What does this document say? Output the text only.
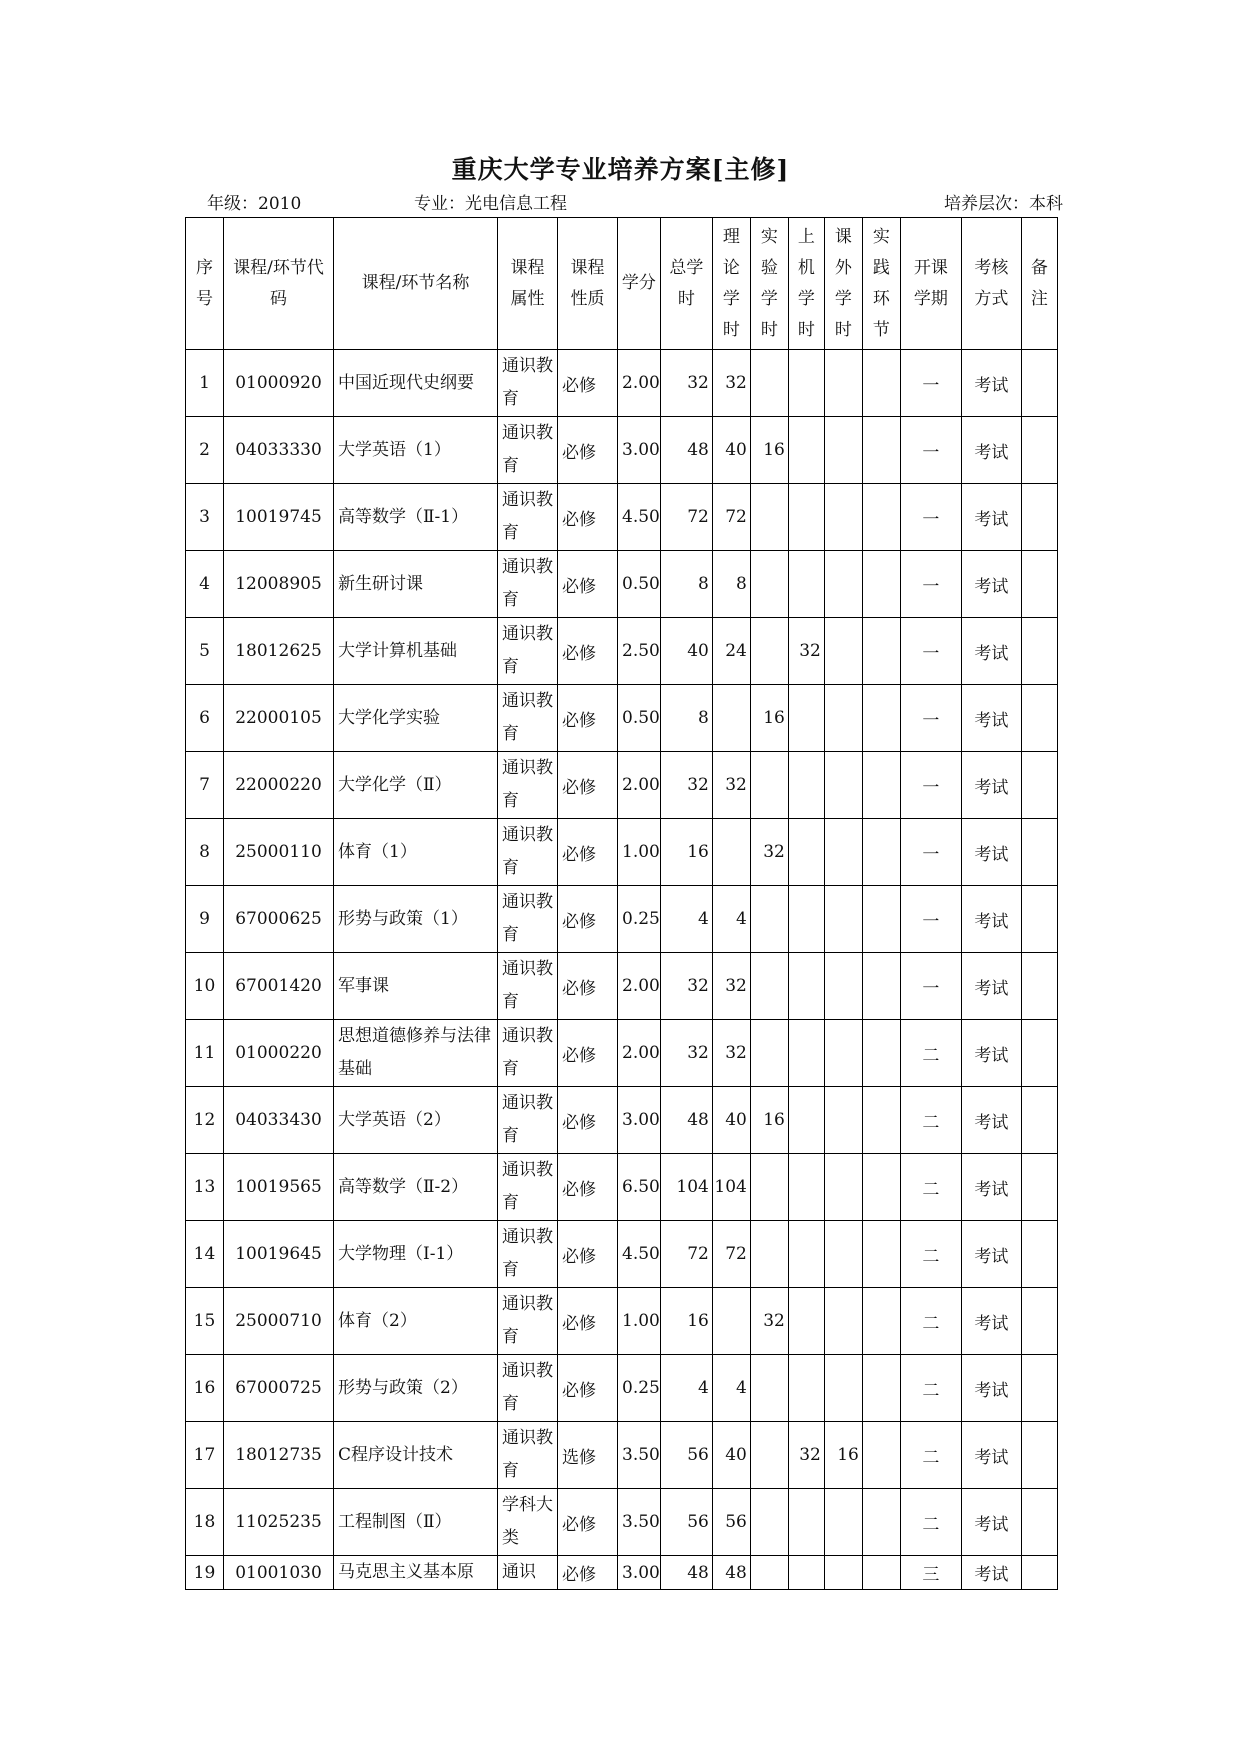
重庆大学专业培养方案[主修]
年级：2010	专业：光电信息工程	培养层次：本科
序号	课程/环节代码	课程/环节名称	课程属性	课程性质	学分	总学时	理论学时	实验学时	上机学时	课外学时	实践环节	开课学期	考核方式	备注
1	01000920	中国近现代史纲要	通识教育	必修	2.00	32	32					一	考试	
2	04033330	大学英语（1）	通识教育	必修	3.00	48	40	16				一	考试	
3	10019745	高等数学（Ⅱ-1）	通识教育	必修	4.50	72	72					一	考试	
4	12008905	新生研讨课	通识教育	必修	0.50	8	8					一	考试	
5	18012625	大学计算机基础	通识教育	必修	2.50	40	24		32			一	考试	
6	22000105	大学化学实验	通识教育	必修	0.50	8		16				一	考试	
7	22000220	大学化学（Ⅱ）	通识教育	必修	2.00	32	32					一	考试	
8	25000110	体育（1）	通识教育	必修	1.00	16		32				一	考试	
9	67000625	形势与政策（1）	通识教育	必修	0.25	4	4					一	考试	
10	67001420	军事课	通识教育	必修	2.00	32	32					一	考试	
11	01000220	思想道德修养与法律基础	通识教育	必修	2.00	32	32					二	考试	
12	04033430	大学英语（2）	通识教育	必修	3.00	48	40	16				二	考试	
13	10019565	高等数学（Ⅱ-2）	通识教育	必修	6.50	104	104					二	考试	
14	10019645	大学物理（Ⅰ-1）	通识教育	必修	4.50	72	72					二	考试	
15	25000710	体育（2）	通识教育	必修	1.00	16		32				二	考试	
16	67000725	形势与政策（2）	通识教育	必修	0.25	4	4					二	考试	
17	18012735	C程序设计技术	通识教育	选修	3.50	56	40		32	16		二	考试	
18	11025235	工程制图（Ⅱ）	学科大类	必修	3.50	56	56					二	考试	
19	01001030	马克思主义基本原	通识	必修	3.00	48	48					三	考试	
